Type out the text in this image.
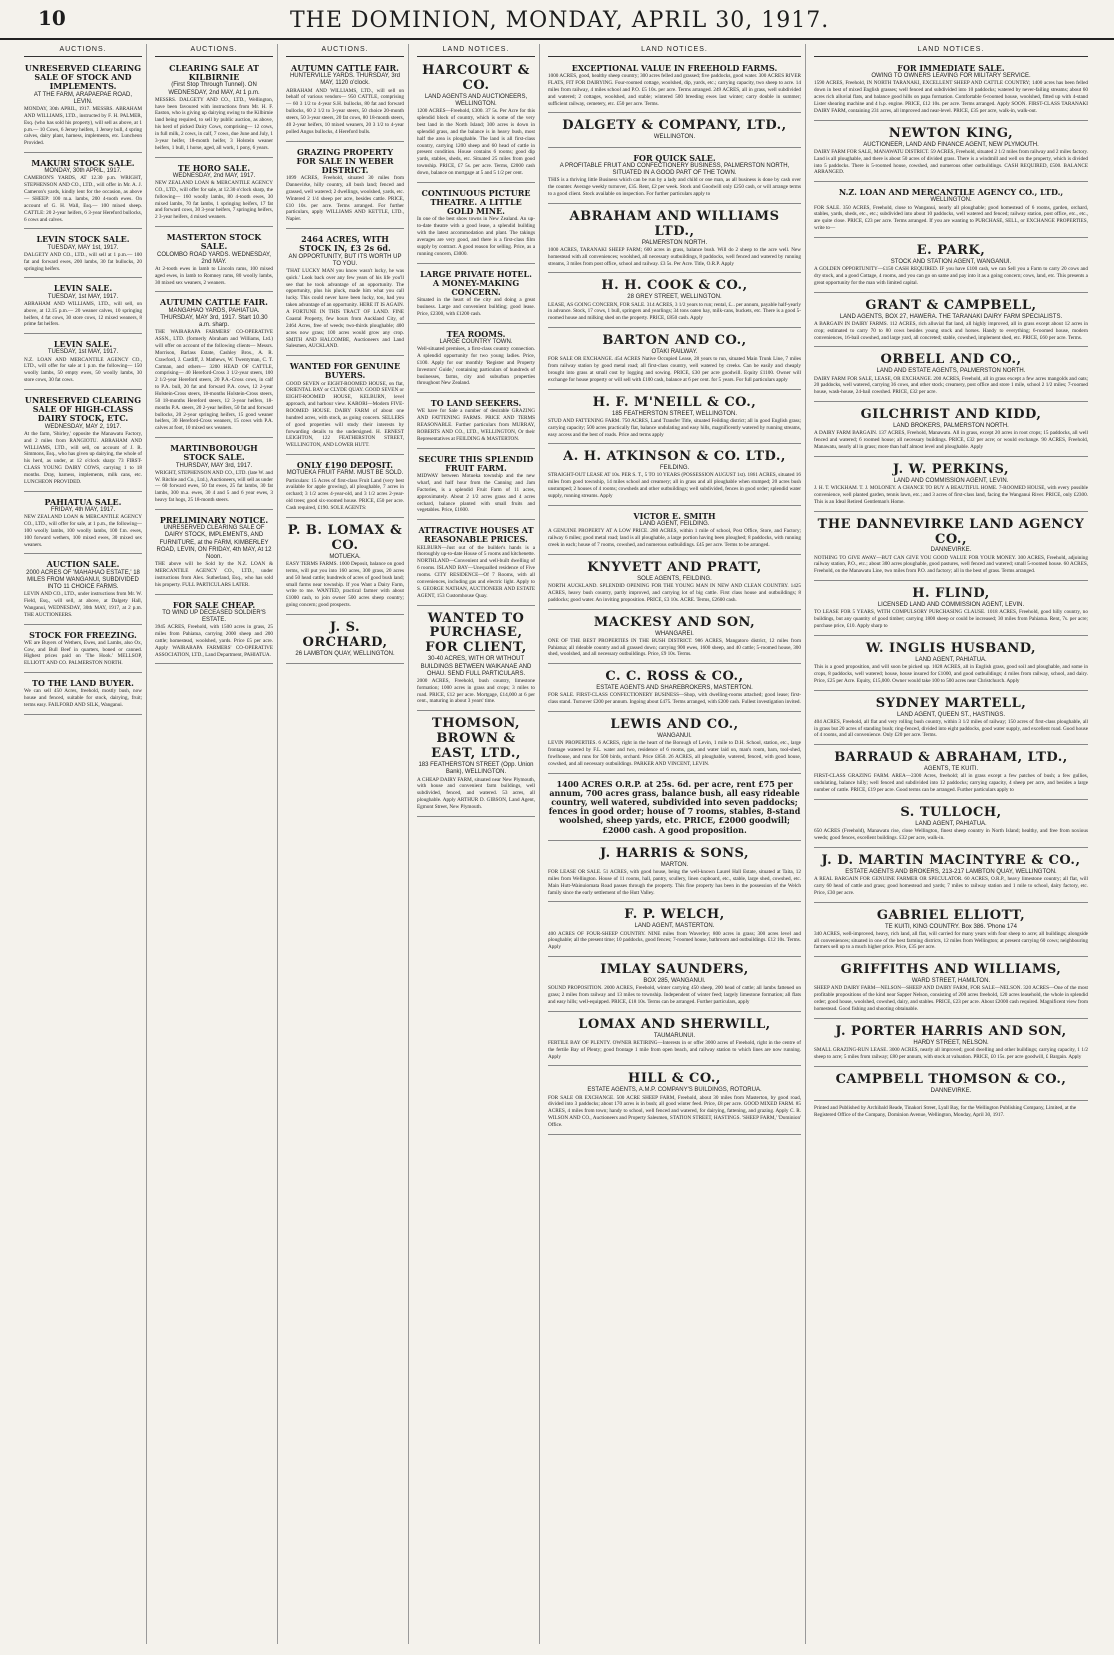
10	THE DOMINION, MONDAY, APRIL 30, 1917.
AUCTIONS.
UNRESERVED CLEARING SALE OF STOCK AND IMPLEMENTS.
AT THE FARM, ARAPAEPAE ROAD, LEVIN.
MONDAY, 30th APRIL, 1917. MESSRS. ABRAHAM AND WILLIAMS, LTD., instructed by F. H. PALMER, Esq. (who has sold his property), will sell as above, at 1 p.m.— 10 Cows, 6 Jersey heifers, 1 Jersey bull, 4 spring calves, dairy plant, harness, implements, etc. Luncheon Provided.
MAKURI STOCK SALE.
MONDAY, 30th APRIL, 1917.
CAMERON'S YARDS, AT 12.30 p.m. WRIGHT, STEPHENSON AND CO., LTD., will offer in Mr. A. J. Cameron's yards, kindly lent for the occasion, as above— SHEEP: 100 m.a. lambs, 200 4-tooth ewes. On account of G. H. Wall, Esq.— 100 mixed sheep. CATTLE: 20 2-year heifers, 6 3-year Hereford bullocks, 6 cows and calves.
LEVIN STOCK SALE.
TUESDAY, MAY 1st, 1917.
DALGETY AND CO., LTD., will sell at 1 p.m.— 100 fat and forward ewes, 200 lambs, 30 fat bullocks, 20 springing heifers.
LEVIN SALE.
TUESDAY, 1st MAY, 1917.
ABRAHAM AND WILLIAMS, LTD., will sell, on above, at 12.15 p.m.— 20 weaner calves, 10 springing heifers, 4 fat cows, 30 store cows, 12 mixed weaners, 8 prime fat heifers.
LEVIN SALE.
TUESDAY, 1st MAY, 1917.
N.Z. LOAN AND MERCANTILE AGENCY CO., LTD., will offer for sale at 1 p.m. the following— 150 woolly lambs, 50 empty ewes, 50 woolly lambs, 30 store cows, 30 fat cows.
UNRESERVED CLEARING SALE OF HIGH-CLASS DAIRY STOCK, ETC.
WEDNESDAY, MAY 2, 1917.
At the farm, 'Shirley,' opposite the Manawatu Factory, and 2 miles from RANGIOTU. ABRAHAM AND WILLIAMS, LTD., will sell, on account of J. R. Simmons, Esq., who has given up dairying, the whole of his herd, as under, at 12 o'clock sharp: 73 FIRST-CLASS YOUNG DAIRY COWS, carrying 1 to 18 months. Dray, harness, implements, milk cans, etc. LUNCHEON PROVIDED.
PAHIATUA SALE.
FRIDAY, 4th MAY, 1917.
NEW ZEALAND LOAN & MERCANTILE AGENCY CO., LTD., will offer for sale, at 1 p.m., the following— 100 woolly lambs, 100 woolly lambs, 100 f.m. ewes, 100 forward wethers, 100 mixed ewes, 30 mixed sex weaners.
AUCTION SALE.
2000 ACRES OF 'MAHAHAO ESTATE,' 18 MILES FROM WANGANUI, SUBDIVIDED INTO 11 CHOICE FARMS.
LEVIN AND CO., LTD., under instructions from Mr. W. Field, Esq., will sell, at above, at Dalgety Hall, Wanganui, WEDNESDAY, 30th MAY, 1917, at 2 p.m. THE AUCTIONEERS.
STOCK FOR FREEZING.
WE are Buyers of Wethers, Ewes, and Lambs, also Ox, Cow, and Bull Beef in quarters, boned or canned. Highest prices paid on 'The Hook.' MELLSOP, ELLIOTT AND CO. PALMERSTON NORTH.
TO THE LAND BUYER.
We can sell 450 Acres, freehold, mostly bush, now house and fenced, suitable for stock, dairying, fruit; terms easy. FAILFORD AND SILK, Wanganui.
AUCTIONS.
CLEARING SALE AT KILBIRNIE
(First Stop Through Tunnel). ON WEDNESDAY, 2nd MAY, At 1 p.m.
MESSRS. DALGETY AND CO., LTD., Wellington, have been favoured with instructions from Mr. H. F. Easton, who is giving up dairying owing to the Kilbirnie land being required, to sell by public auction, as above, his herd of picked Dairy Cows, comprising— 12 cows, in full milk, 2 cows, in calf, 7 cows, due June and July, 1 3-year heifer, 18-month heifer, 3 Holstein weaner heifers, 1 bull, 1 horse, aged, all work, 1 pony, 6 years.
TE HORO SALE.
WEDNESDAY, 2nd MAY, 1917.
NEW ZEALAND LOAN & MERCANTILE AGENCY CO., LTD., will offer for sale, at 12.30 o'clock sharp, the following— 160 woolly lambs, 80 4-tooth ewes, 30 mixed lambs, 70 fat lambs, 1 springing heifers, 17 fat and forward cows, 30 3-year heifers, 7 springing heifers, 2 3-year heifers, 4 mixed weaners.
MASTERTON STOCK SALE.
COLOMBO ROAD YARDS. WEDNESDAY, 2nd MAY.
At 2-tooth ewes in lamb to Lincoln rams, 100 mixed aged ewes, in lamb to Romney rams, 80 woolly lambs, 30 mixed sex weaners, 2 weaners.
AUTUMN CATTLE FAIR.
MANGAHAO YARDS, PAHIATUA. THURSDAY, MAY 3rd, 1917. Start 10.30 a.m. sharp.
THE WAIRARAPA FARMERS' CO-OPERATIVE ASSN., LTD. (formerly Abraham and Williams, Ltd.) will offer on account of the following clients— Messrs. Morrison, Barlass Estate, Cashley Bros., A. R. Crawford, J. Cardiff, J. Mathews, W. Twentyman, C. T. Carman, and others— 3200 HEAD OF CATTLE, comprising— 40 Hereford-Cross 3 1/2-year steers, 100 2 1/2-year Hereford steers, 20 P.A.-Cross cows, in calf to P.A. bull, 20 fat and forward P.A. cows, 12 2-year Holstein-Cross steers, 18-months Holstein-Cross steers, 50 18-months Hereford steers, 12 3-year heifers, 18-months P.A. steers, 20 2-year heifers, 50 fat and forward bullocks, 20 2-year springing heifers, 15 good weaner heifers, 30 Hereford-Cross weaners, 15 cows with P.A. calves at foot, 10 mixed sex weaners.
MARTINBOROUGH STOCK SALE.
THURSDAY, MAY 3rd, 1917.
WRIGHT, STEPHENSON AND CO., LTD. (late W. and W. Ritchie and Co., Ltd.), Auctioneers, will sell as under— 60 forward ewes, 50 fat ewes, 25 fat lambs, 30 fat lambs, 300 m.a. ewes, 30 4 and 5 and 6 year ewes, 3 heavy fat hogs, 25 18-month steers.
PRELIMINARY NOTICE.
UNRESERVED CLEARING SALE OF DAIRY STOCK, IMPLEMENTS, AND FURNITURE, at the FARM, KIMBERLEY ROAD, LEVIN, ON FRIDAY, 4th MAY, At 12 Noon.
THE above will be Sold by the N.Z. LOAN & MERCANTILE AGENCY CO., LTD., under instructions from Alex. Sutherland, Esq., who has sold his property. FULL PARTICULARS LATER.
FOR SALE CHEAP.
TO WIND UP DECEASED SOLDIER'S ESTATE.
3945 ACRES, Freehold, with 1500 acres in grass, 25 miles from Pahiatua, carrying 2000 sheep and 200 cattle; homestead, woolshed, yards. Price £5 per acre. Apply WAIRARAPA FARMERS' CO-OPERATIVE ASSOCIATION, LTD., Land Department, PAHIATUA.
AUCTIONS.
AUTUMN CATTLE FAIR.
HUNTERVILLE YARDS. THURSDAY, 3rd MAY, 1120 o'clock.
ABRAHAM AND WILLIAMS, LTD., will sell on behalf of various vendors— 950 CATTLE, comprising— 60 3 1/2 to 4-year S.H. bullocks, 80 fat and forward bullocks, 60 2 1/2 to 3-year steers, 50 choice 20-month steers, 50 3-year steers, 20 fat cows, 80 18-month steers, 40 2-year heifers, 10 mixed weaners, 20 3 1/2 to 4-year polled Angus bullocks, 4 Hereford bulls.
GRAZING PROPERTY FOR SALE IN WEBER DISTRICT.
1099 ACRES, Freehold, situated 30 miles from Dannevirke, hilly country, all bush land; fenced and grassed, well watered; 2 dwellings, woolshed, yards, etc. Wintered 2 1/4 sheep per acre, besides cattle. PRICE, £10 10s. per acre. Terms arranged. For further particulars, apply WILLIAMS AND KETTLE, LTD., Napier.
2464 ACRES, WITH STOCK IN, £3 2s 6d.
AN OPPORTUNITY, BUT ITS WORTH UP TO YOU.
'THAT LUCKY MAN you know wasn't lucky, he was quick.' Look back over any few years of his life you'll see that he took advantage of an opportunity. The opportunity, plus his pluck, made him what you call lucky. This could never have been lucky, too, had you taken advantage of an opportunity. HERE IT IS AGAIN. A FORTUNE IN THIS TRACT OF LAND. FINE Coastal Property, few hours from Auckland City, of 2464 Acres, free of weeds; two-thirds ploughable; 400 acres now grass; 100 acres would grow any crop. SMITH AND HALCOMBE, Auctioneers and Land Salesmen, AUCKLAND.
WANTED FOR GENUINE BUYERS.
GOOD SEVEN or EIGHT-ROOMED HOUSE, on flat, ORIENTAL BAY or CLYDE QUAY. GOOD SEVEN or EIGHT-ROOMED HOUSE, KELBURN, level approach, and harbour view. KARORI—Modern FIVE-ROOMED HOUSE. DAIRY FARM of about one hundred acres, with stock, as going concern. SELLERS of good properties will study their interests by forwarding details to the undersigned. H. ERNEST LEIGHTON, 122 FEATHERSTON STREET, WELLINGTON, AND LOWER HUTT.
ONLY £190 DEPOSIT.
MOTUEKA FRUIT FARM. MUST BE SOLD.
Particulars: 15 Acres of first-class Fruit Land (very best available for apple growing), all ploughable, 7 acres in orchard; 3 1/2 acres 4-year-old, and 3 1/2 acres 2-year-old trees; good six-roomed house. PRICE, £50 per acre. Cash required, £190. SOLE AGENTS:
P. B. LOMAX & CO.
MOTUEKA.
EASY TERMS FARMS. 1000 Deposit, balance on good terms, will put you into 160 acres, 300 grass, 20 acres and 50 head cattle; hundreds of acres of good bush land; small farms near township. If you Want a Dairy Farm, write to me. WANTED, practical farmer with about £1000 cash, to join owner 500 acres sheep country; going concern; good prospects.
J. S. ORCHARD,
26 LAMBTON QUAY, WELLINGTON.
LAND NOTICES.
HARCOURT & CO.
LAND AGENTS AND AUCTIONEERS, WELLINGTON.
1200 ACRES—Freehold, £300. 37 5s. Per Acre for this splendid block of country, which is some of the very best land in the North Island; 300 acres is down in splendid grass, and the balance is in heavy bush, most half the area is ploughable. The land is all first-class country, carrying 1200 sheep and 60 head of cattle in present condition. House contains 6 rooms; good dip yards, stables, sheds, etc. Situated 25 miles from good township. PRICE, £7 5s. per acre. Terms, £2000 cash down, balance on mortgage at 5 and 5 1/2 per cent.
CONTINUOUS PICTURE THEATRE. A LITTLE GOLD MINE.
In one of the best show towns in New Zealand. An up-to-date theatre with a good lease, a splendid building with the latest accommodation and plant. The takings averages are very good, and there is a first-class film supply by contract. A good reason for selling. Price, as a running concern, £3000.
LARGE PRIVATE HOTEL. A MONEY-MAKING CONCERN.
Situated in the heart of the city and doing a great business. Large and convenient building; good lease. Price, £2300, with £1200 cash.
TEA ROOMS.
LARGE COUNTRY TOWN.
Well-situated premises, a first-class country connection. A splendid opportunity for two young ladies. Price, £100. Apply for our monthly 'Register and Property Investors' Guide,' containing particulars of hundreds of businesses, farms, city and suburban properties throughout New Zealand.
TO LAND SEEKERS.
WE have for Sale a number of desirable GRAZING AND FATTENING FARMS. PRICE AND TERMS REASONABLE. Further particulars from MURRAY, ROBERTS AND CO., LTD., WELLINGTON, Or their Representatives at FEILDING & MASTERTON.
SECURE THIS SPLENDID FRUIT FARM.
MIDWAY between Motueka township and the new wharf, and half hour from the Canning and Jam Factories, is a splendid Fruit Farm of 11 acres, approximately. About 2 1/2 acres grass and 4 acres orchard, balance planted with small fruits and vegetables. Price, £1600.
ATTRACTIVE HOUSES AT REASONABLE PRICES.
KELBURN—Just out of the builder's hands is a thoroughly up-to-date House of 5 rooms and kitchenette. NORTHLAND—Convenient and well-built dwelling of 6 rooms. ISLAND BAY—Unequalled residence of Five rooms. CITY RESIDENCE—Of 7 Rooms, with all conveniences, including gas and electric light. Apply to S. GEORGE NATHAN, AUCTIONEER AND ESTATE AGENT, 153 Customhouse Quay.
WANTED TO PURCHASE, FOR CLIENT,
30-40 ACRES, WITH OR WITHOUT BUILDINGS BETWEEN WAIKANAE AND OHAU. SEND FULL PARTICULARS.
2000 ACRES, Freehold, bush country, limestone formation; 1000 acres in grass and crops; 3 miles to road. PRICE, £12 per acre. Mortgage, £14,000 at 6 per cent., maturing in about 3 years' time.
THOMSON, BROWN & EAST, LTD.,
183 FEATHERSTON STREET (Opp. Union Bank), WELLINGTON.
A CHEAP DAIRY FARM, situated near New Plymouth, with house and convenient farm buildings, well subdivided, fenced, and watered. 53 acres, all ploughable. Apply ARTHUR D. GIBSON, Land Agent, Egmont Street, New Plymouth.
LAND NOTICES.
EXCEPTIONAL VALUE IN FREEHOLD FARMS.
1000 ACRES, good, healthy sheep country; 300 acres felled and grassed; five paddocks, good water. 300 ACRES RIVER FLATS, FIT FOR DAIRYING. Four-roomed cottage, woolshed, dip, yards, etc.; carrying capacity, two sheep to acre. 14 miles from railway, 4 miles school and P.O. £5 10s. per acre. Terms arranged. 249 ACRES, all in grass, well subdivided and watered; 2 cottages, woolshed, and stable; wintered 500 breeding ewes last winter; carry double in summer; sufficient railway, cemetery, etc. £50 per acre. Terms.
DALGETY & COMPANY, LTD.,
WELLINGTON.
FOR QUICK SALE.
A PROFITABLE FRUIT AND CONFECTIONERY BUSINESS, PALMERSTON NORTH, SITUATED IN A GOOD PART OF THE TOWN.
THIS is a thriving little Business which can be run by a lady and child or one man, as all business is done by cash over the counter. Average weekly turnover, £35. Rent, £2 per week. Stock and Goodwill only £250 cash, or will arrange terms to a good client. Stock available on inspection. For further particulars apply to
ABRAHAM AND WILLIAMS LTD.,
PALMERSTON NORTH.
1000 ACRES, TARANAKI SHEEP FARM; 600 acres in grass, balance bush. Will do 2 sheep to the acre well. New homestead with all conveniences; woolshed, all necessary outbuildings, 8 paddocks, well fenced and watered by running streams, 3 miles from post office, school and railway. £3 5s. Per Acre. Title, O.R.P. Apply
H. H. COOK & CO.,
28 GREY STREET, WELLINGTON.
LEASE, AS GOING CONCERN, FOR SALE. 314 ACRES, 3 1/2 years to run; rental, £... per annum, payable half-yearly in advance. Stock, 17 cows, 1 bull, springers and yearlings; 34 tons oaten hay, milk-cans, buckets, etc. There is a good 5-roomed house and milking shed on the property. PRICE, £850 cash. Apply
BARTON AND CO.,
OTAKI RAILWAY.
FOR SALE OR EXCHANGE. 454 ACRES Native Occupied Lease, 28 years to run, situated Main Trunk Line, 7 miles from railway station by good metal road; all first-class country, well watered by creeks. Can be easily and cheaply brought into grass at small cost by logging and sowing. PRICE, £30 per acre goodwill. Equity £1100. Owner will exchange for house property or will sell with £100 cash, balance at 6 per cent. for 5 years. For full particulars apply
H. F. M'NEILL & CO.,
185 FEATHERSTON STREET, WELLINGTON.
STUD AND FATTENING FARM. 750 ACRES, Land Transfer Title, situated Feilding district; all in good English grass; carrying capacity; 500 acres practically flat, balance undulating and easy hills, magnificently watered by running streams, easy access and the best of roads. Price and terms apply
A. H. ATKINSON & CO. LTD.,
FEILDING.
STRAIGHT-OUT LEASE AT 10s. PER S. T., 5 TO 10 YEARS (POSSESSION AUGUST 1st). 1861 ACRES, situated 16 miles from good township, 14 miles school and creamery; all in grass and all ploughable when stumped; 20 acres bush unstumped; 2 houses of 4 rooms; cowsheds and other outbuildings; well subdivided, fences in good order; splendid water supply, running streams. Apply
VICTOR E. SMITH
LAND AGENT, FEILDING.
A GENUINE PROPERTY AT A LOW PRICE. 280 ACRES, within 1 mile of school, Post Office, Store, and Factory; railway 6 miles; good metal road; land is all ploughable, a large portion having been ploughed; 8 paddocks, with running creek in each; house of 7 rooms, cowshed, and numerous outbuildings. £45 per acre. Terms to be arranged.
KNYVETT AND PRATT,
SOLE AGENTS, FEILDING.
NORTH AUCKLAND. SPLENDID OPENING FOR THE YOUNG MAN IN NEW AND CLEAN COUNTRY. 1425 ACRES, heavy bush country, partly improved, and carrying lot of big cattle. First class house and outbuildings; 8 paddocks; good water. An inviting proposition. PRICE, £3 10s. ACRE. Terms, £2600 cash.
MACKESY AND SON,
WHANGAREI.
ONE OF THE BEST PROPERTIES IN THE BUSH DISTRICT. 986 ACRES, Mangatoro district, 12 miles from Pahiatua; all rideable country and all grassed down; carrying 900 ewes, 1600 sheep, and 40 cattle; 5-roomed house, 300 shed, woolshed, and all necessary outbuildings. Price, £9 10s. Terms.
C. C. ROSS & CO.,
ESTATE AGENTS AND SHAREBROKERS, MASTERTON.
FOR SALE. FIRST-CLASS CONFECTIONERY BUSINESS—Shop, with dwelling-rooms attached; good lease; first-class stand. Turnover £200 per annum. Ingoing about £475. Terms arranged, with £200 cash. Fullest investigation invited.
LEWIS AND CO.,
WANGANUI.
LEVIN PROPERTIES. 6 ACRES, right in the heart of the Borough of Levin, 1 mile to D.H. School, station, etc., large frontage watered by F.L. water and two, residence of 6 rooms, gas, and water laid on, man's room, barn, tool-shed, fowlhouse, and runs for 500 birds, orchard. Price £850. 26 ACRES, all ploughable, watered, fenced, with good house, cowshed, and all necessary outbuildings. PARKER AND VINCENT, LEVIN.
1400 ACRES O.R.P. at 25s. 6d. per acre, rent £75 per annum, 700 acres grass, balance bush, all easy rideable country, well watered, subdivided into seven paddocks; fences in good order; house of 7 rooms, stables, 8-stand woolshed, sheep yards, etc. PRICE, £2000 goodwill; £2000 cash. A good proposition.
J. HARRIS & SONS,
MARTON.
FOR LEASE OR SALE. 51 ACRES, with good house, being the well-known Laurel Hall Estate, situated at Taita, 12 miles from Wellington. House of 11 rooms, hall, pantry, scullery, linen cupboard, etc., stable, large shed, cowshed, etc. Main Hutt-Wainuiomata Road passes through the property. This fine property has been in the possession of the Welch family since the early settlement of the Hutt Valley.
F. P. WELCH,
LAND AGENT, MASTERTON.
400 ACRES OF FOUR-SHEEP COUNTRY. NINE miles from Waverley; 800 acres in grass; 300 acres level and ploughable; all the present time; 10 paddocks, good fences; 7-roomed house, bathroom and outbuildings. £12 10s. Terms. Apply
IMLAY SAUNDERS,
BOX 285, WANGANUI.
SOUND PROPOSITION. 2000 ACRES, Freehold, winter carrying 450 sheep, 200 head of cattle; all lambs fattened on grass; 2 miles from railway and 13 miles to township. Independent of winter feed; largely limestone formation; all flats and easy hills; well-equipped. PRICE, £18 10s. Terms can be arranged. Further particulars, apply
LOMAX AND SHERWILL,
TAUMARUNUI.
FERTILE BAY OF PLENTY. OWNER RETIRING—Interests in or offer 3000 acres of Freehold, right in the centre of the fertile Bay of Plenty; good frontage 1 mile from open beach, and railway station to which lines are now running. Apply
HILL & CO.,
ESTATE AGENTS, A.M.P. COMPANY'S BUILDINGS, ROTORUA.
FOR SALE OR EXCHANGE. 500 ACRE SHEEP FARM, Freehold, about 30 miles from Masterton, by good road, divided into 3 paddocks; about 170 acres is in bush; all good winter feed. Price, £8 per acre. GOOD MIXED FARM. 85 ACRES, 4 miles from town; handy to school, well fenced and watered, for dairying, fattening, and grazing. Apply C. R. WILSON AND CO., Auctioneers and Property Salesmen, STATION STREET, HASTINGS. 'SHEEP FARM,' 'Dominion' Office.
LAND NOTICES.
FOR IMMEDIATE SALE.
OWING TO OWNERS LEAVING FOR MILITARY SERVICE.
1590 ACRES, Freehold, IN NORTH TARANAKI, EXCELLENT SHEEP AND CATTLE COUNTRY; 1400 acres has been felled down in best of mixed English grasses; well fenced and subdivided into 10 paddocks; watered by never-failing streams; about 60 acres rich alluvial flats, and balance good hills on papa formation. Comfortable 6-roomed house, woolshed, fitted up with 4-stand Lister shearing machine and 4 h.p. engine. PRICE, £12 10s. per acre. Terms arranged. Apply SOON. FIRST-CLASS TARANAKI DAIRY FARM, containing 231 acres, all improved and near-level. PRICE, £35 per acre, walk-in, walk-out.
NEWTON KING,
AUCTIONEER, LAND AND FINANCE AGENT, NEW PLYMOUTH.
DAIRY FARM FOR SALE, MANAWATU DISTRICT. 59 ACRES, Freehold, situated 2 1/2 miles from railway and 2 miles factory. Land is all ploughable, and there is about 50 acres of divided grass. There is a windmill and well on the property, which is divided into 5 paddocks. There is 5-roomed house, cowshed, and numerous other outbuildings. CASH REQUIRED, £500. BALANCE ARRANGED.
N.Z. LOAN AND MERCANTILE AGENCY CO., LTD.,
WELLINGTON.
FOR SALE. 350 ACRES, Freehold, close to Wanganui, nearly all ploughable; good homestead of 6 rooms, garden, orchard, stables, yards, sheds, etc., etc.; subdivided into about 10 paddocks, well watered and fenced; railway station, post office, etc., etc., are quite close. PRICE, £23 per acre. Terms arranged. If you are wanting to PURCHASE, SELL, or EXCHANGE PROPERTIES, write to—
E. PARK,
STOCK AND STATION AGENT, WANGANUI.
A GOLDEN OPPORTUNITY—£150 CASH REQUIRED. IF you have £100 cash, we can Sell you a Farm to carry 20 cows and dry stock, and a good Cottage, 4 rooms, and you can go on same and pay into it as a going concern; cows, land, etc. This presents a great opportunity for the man with limited capital.
GRANT & CAMPBELL,
LAND AGENTS, BOX 27, HAWERA. THE TARANAKI DAIRY FARM SPECIALISTS.
A BARGAIN IN DAIRY FARMS. 112 ACRES, rich alluvial flat land, all highly improved, all in grass except about 12 acres in crop; estimated to carry 70 to 80 cows besides young stock and horses. Handy to everything; 6-roomed house, modern conveniences, 16-bail cowshed, and large yard, all concreted; stable, cowshed, implement shed, etc. PRICE, £60 per acre. Terms.
ORBELL AND CO.,
LAND AND ESTATE AGENTS, PALMERSTON NORTH.
DAIRY FARM FOR SALE, LEASE, OR EXCHANGE. 200 ACRES, Freehold, all in grass except a few acres mangolds and oats; 20 paddocks, well watered, carrying 36 cows, and other stock; creamery, post office and store 1 mile, school 2 1/2 miles; 7-roomed house, wash-house, 24-bail cowshed. PRICE, £32 per acre.
GILCHRIST AND KIDD,
LAND BROKERS, PALMERSTON NORTH.
A DAIRY FARM BARGAIN. 137 ACRES, Freehold, Manawatu. All in grass, except 20 acres in root crops; 15 paddocks, all well fenced and watered; 6 roomed house; all necessary buildings. PRICE, £32 per acre; or would exchange. 90 ACRES, Freehold, Manawatu, nearly all in grass; more than half almost level and ploughable. Apply
J. W. PERKINS,
LAND AND COMMISSION AGENT, LEVIN.
J. H. T. WICKHAM. T. J. MOLONEY. A CHANCE TO BUY A BEAUTIFUL HOME. 7-ROOMED HOUSE, with every possible convenience, well planted garden, tennis lawn, etc.; and 3 acres of first-class land, facing the Wanganui River. PRICE, only £2300. This is an Ideal Retired Gentleman's Home.
THE DANNEVIRKE LAND AGENCY CO.,
DANNEVIRKE.
NOTHING TO GIVE AWAY—BUT CAN GIVE YOU GOOD VALUE FOR YOUR MONEY. 300 ACRES, Freehold, adjoining railway station, P.O., etc.; about 300 acres ploughable, good pastures, well fenced and watered; small 5-roomed house. 60 ACRES, Freehold, on the Manawatu Line, two miles from P.O. and factory; all in the best of grass. Terms arranged.
H. FLIND,
LICENSED LAND AND COMMISSION AGENT, LEVIN.
TO LEASE FOR 5 YEARS, WITH COMPULSORY PURCHASING CLAUSE. 1018 ACRES, Freehold, good hilly country, no buildings, but any quantity of good timber; carrying 1800 sheep or could be increased; 30 miles from Pahiatua. Rent, 7s. per acre; purchase price, £10. Apply sharp to
W. INGLIS HUSBAND,
LAND AGENT, PAHIATUA.
This is a good proposition, and will soon be picked up. 1028 ACRES, all in English grass, good soil and ploughable, and some in crops, 8 paddocks, well watered; house, house insured for £1000, and good outbuildings; 4 miles from railway, school, and dairy. Price, £25 per Acre. Equity, £15,000. Owner would take 100 to 500 acres near Christchurch. Apply
SYDNEY MARTELL,
LAND AGENT, QUEEN ST., HASTINGS.
404 ACRES, Freehold, all flat and very rolling bush country, within 3 1/2 miles of railway; 150 acres of first-class ploughable, all in grass but 20 acres of standing bush; ring-fenced, divided into eight paddocks, good water supply, and excellent road. Good house of 4 rooms, and all convenience. Only £20 per acre. Terms.
BARRAUD & ABRAHAM, LTD.,
AGENTS, TE KUITI.
FIRST-CLASS GRAZING FARM. AREA—2300 Acres, freehold; all in grass except a few patches of bush; a few gullies, undulating, balance hilly; well fenced and subdivided into 12 paddocks; carrying capacity, 4 sheep per acre, and besides a large number of cattle. PRICE, £19 per acre. Good terms can be arranged. Further particulars apply to
S. TULLOCH,
LAND AGENT, PAHIATUA.
650 ACRES (Freehold), Manawatu rise, close Wellington, finest sheep country in North Island; healthy, and free from noxious weeds; good fences, excellent buildings. £32 per acre, walk-in.
J. D. MARTIN MACINTYRE & CO.,
ESTATE AGENTS AND BROKERS, 213-217 LAMBTON QUAY, WELLINGTON.
A REAL BARGAIN FOR GENUINE FARMER OR SPECULATOR. 60 ACRES, O.R.P., heavy limestone country; all flat, will carry 60 head of cattle and grass; good homestead and yards; 7 miles to railway station and 1 mile to school, dairy factory, etc. Price, £30 per acre.
GABRIEL ELLIOTT,
TE KUITI, KING COUNTRY. Box 386. 'Phone 174
340 ACRES, well-improved, heavy, rich land, all flat, will carried for many years with four sheep to acre; all buildings; alongside all conveniences; situated in one of the best farming districts, 12 miles from Wellington; at present carrying 60 cows; neighbouring farmers sell up to a much higher price. Price, £35 per acre.
GRIFFITHS AND WILLIAMS,
WARD STREET, HAMILTON.
SHEEP AND DAIRY FARM—NELSON—SHEEP AND DAIRY FARM, FOR SALE—NELSON. 320 ACRES—One of the most profitable propositions of the kind near Sapper Nelson, consisting of 200 acres freehold, 120 acres leasehold, the whole in splendid order; good house, woolshed, cowshed, dairy, and stables. PRICE, £23 per acre. About £2000 cash required. Magnificent view from homestead. Good fishing and shooting obtainable.
J. PORTER HARRIS AND SON,
HARDY STREET, NELSON.
SMALL GRAZING-RUN LEASE. 3000 ACRES, nearly all improved; good dwelling and other buildings; carrying capacity, 1 1/2 sheep to acre; 5 miles from railway; £80 per annum, with stock at valuation. PRICE, £0 15s. per acre goodwill, £ Bargain. Apply
CAMPBELL THOMSON & CO.,
DANNEVIRKE.
Printed and Published by Archibald Reade, Tinakori Street, Lyall Bay, for the Wellington Publishing Company, Limited, at the Registered Office of the Company, Dominion Avenue, Wellington, Monday, April 30, 1917.
